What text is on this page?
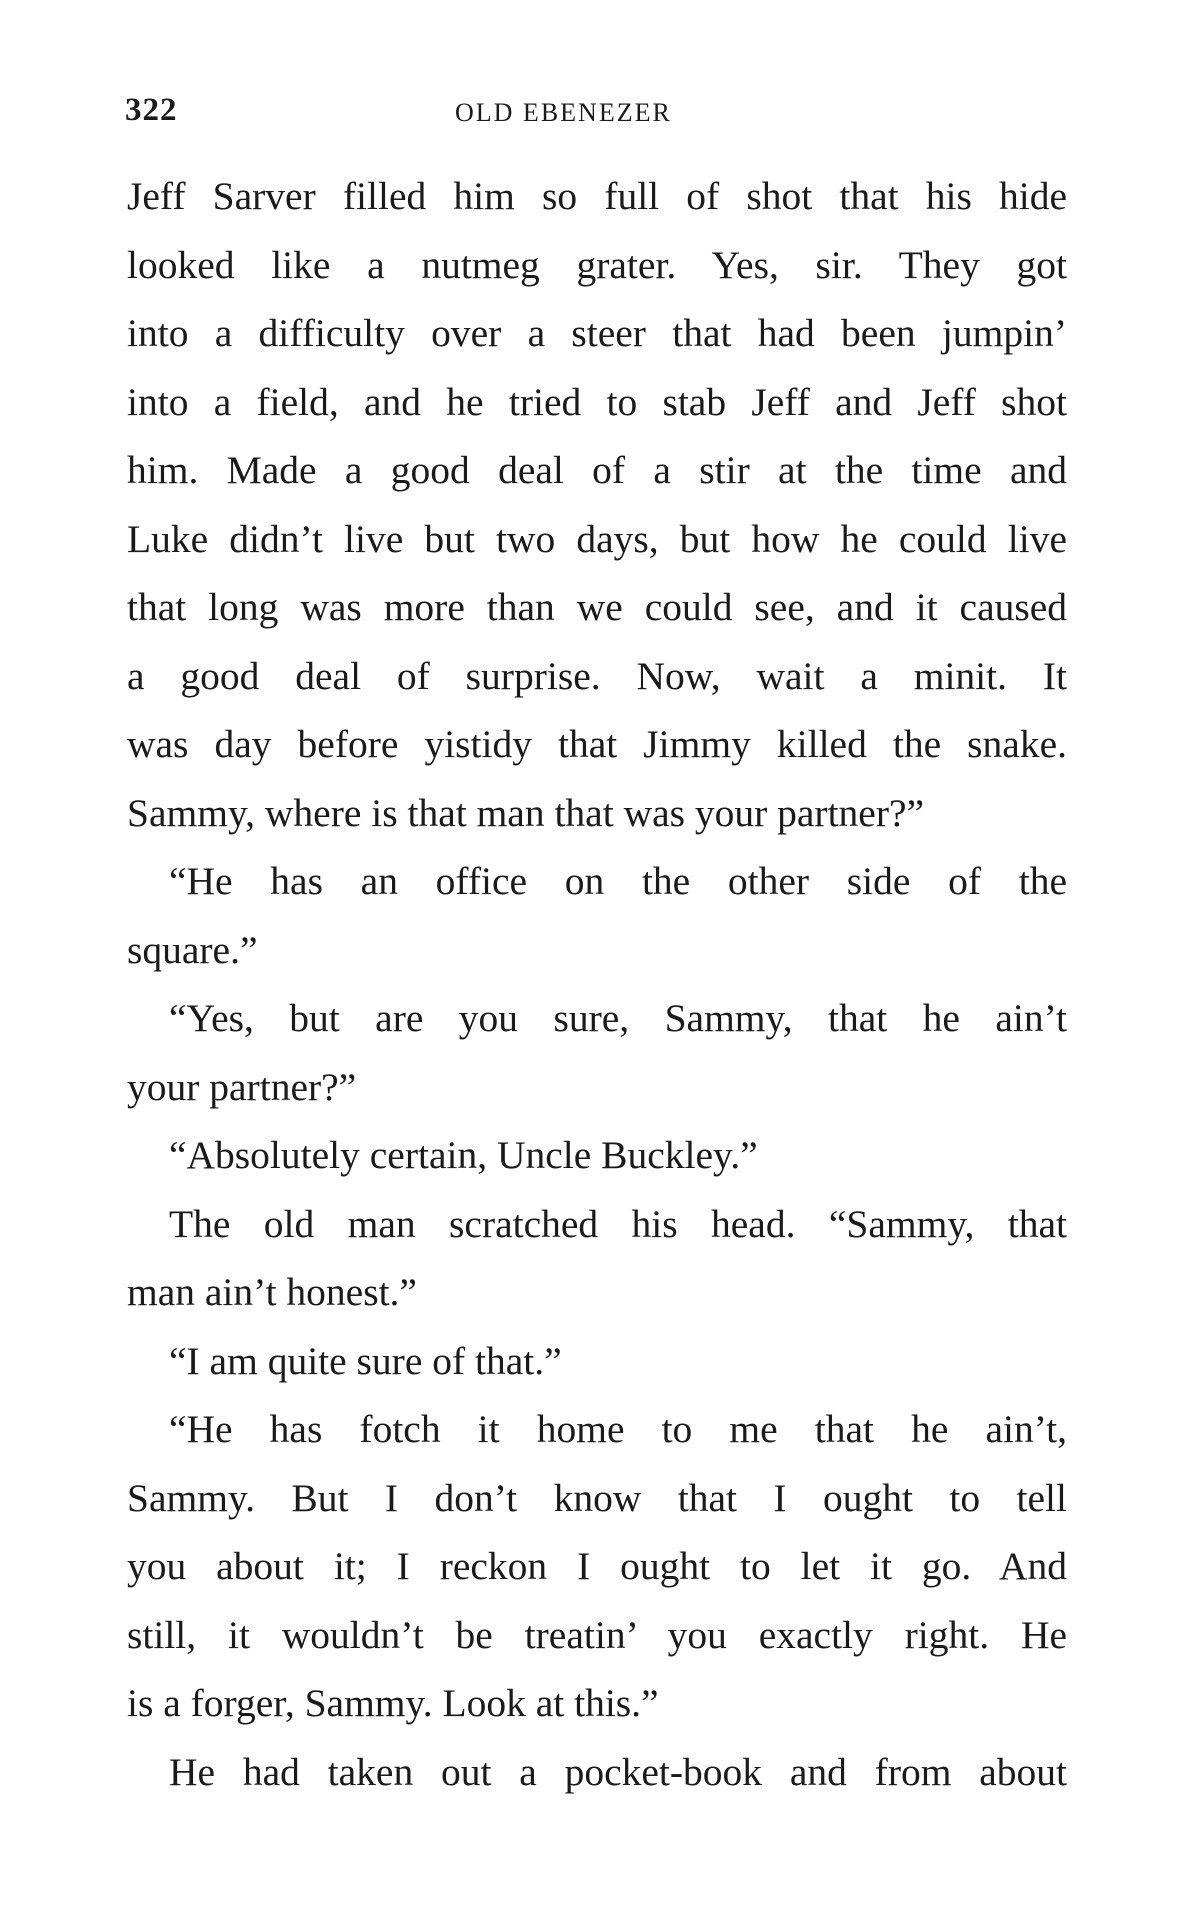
322	OLD EBENEZER
Jeff Sarver filled him so full of shot that his hide
looked like a nutmeg grater. Yes, sir. They got
into a difficulty over a steer that had been jumpin’
into a field, and he tried to stab Jeff and Jeff shot
him. Made a good deal of a stir at the time and
Luke didn’t live but two days, but how he could live
that long was more than we could see, and it caused
a good deal of surprise. Now, wait a minit. It
was day before yistidy that Jimmy killed the snake.
Sammy, where is that man that was your partner?”
“He has an office on the other side of the
square.”
“Yes, but are you sure, Sammy, that he ain’t
your partner?”
“Absolutely certain, Uncle Buckley.”
The old man scratched his head. “Sammy, that
man ain’t honest.”
“I am quite sure of that.”
“He has fotch it home to me that he ain’t,
Sammy. But I don’t know that I ought to tell
you about it; I reckon I ought to let it go. And
still, it wouldn’t be treatin’ you exactly right. He
is a forger, Sammy. Look at this.”
He had taken out a pocket-book and from about
